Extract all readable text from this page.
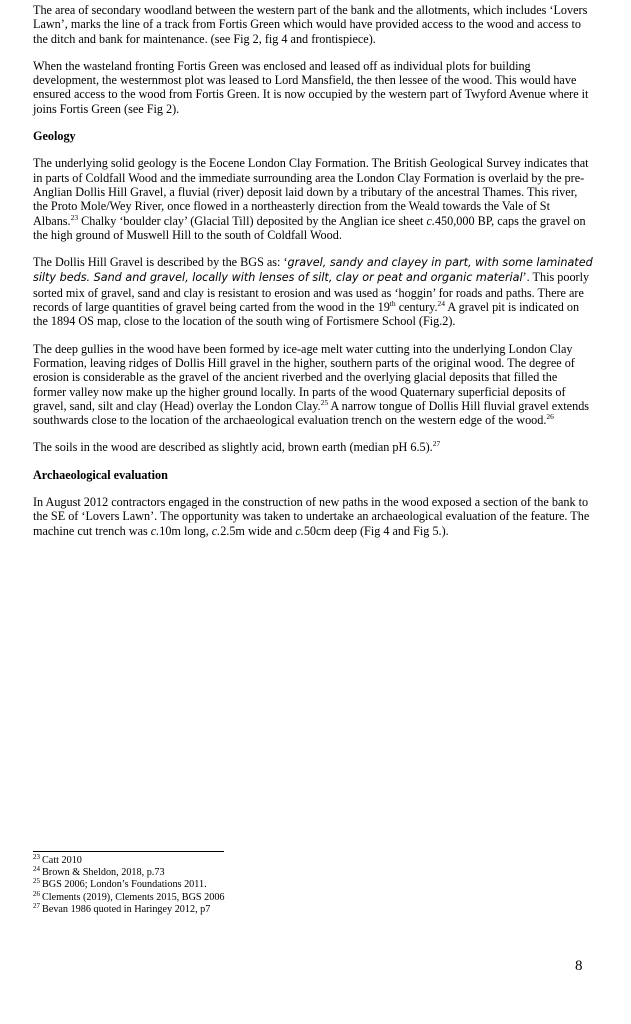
The area of secondary woodland between the western part of the bank and the allotments, which includes ‘Lovers Lawn’, marks the line of a track from Fortis Green which would have provided access to the wood and access to the ditch and bank for maintenance. (see Fig 2, fig 4 and frontispiece).

When the wasteland fronting Fortis Green was enclosed and leased off as individual plots for building development, the westernmost plot was leased to Lord Mansfield, the then lessee of the wood. This would have ensured access to the wood from Fortis Green. It is now occupied by the western part of Twyford Avenue where it joins Fortis Green (see Fig 2).

Geology

The underlying solid geology is the Eocene London Clay Formation. The British Geological Survey indicates that in parts of Coldfall Wood and the immediate surrounding area the London Clay Formation is overlaid by the pre-Anglian Dollis Hill Gravel, a fluvial (river) deposit laid down by a tributary of the ancestral Thames. This river, the Proto Mole/Wey River, once flowed in a northeasterly direction from the Weald towards the Vale of St Albans.$^{23}$ Chalky ‘boulder clay’ (Glacial Till) deposited by the Anglian ice sheet c.450,000 BP, caps the gravel on the high ground of Muswell Hill to the south of Coldfall Wood.

The Dollis Hill Gravel is described by the BGS as: ‘gravel, sandy and clayey in part, with some laminated silty beds. Sand and gravel, locally with lenses of silt, clay or peat and organic material’. This poorly sorted mix of gravel, sand and clay is resistant to erosion and was used as ‘hoggin’ for roads and paths. There are records of large quantities of gravel being carted from the wood in the 19th century.$^{24}$ A gravel pit is indicated on the 1894 OS map, close to the location of the south wing of Fortismere School (Fig.2).

The deep gullies in the wood have been formed by ice-age melt water cutting into the underlying London Clay Formation, leaving ridges of Dollis Hill gravel in the higher, southern parts of the original wood. The degree of erosion is considerable as the gravel of the ancient riverbed and the overlying glacial deposits that filled the former valley now make up the higher ground locally. In parts of the wood Quaternary superficial deposits of gravel, sand, silt and clay (Head) overlay the London Clay.$^{25}$ A narrow tongue of Dollis Hill fluvial gravel extends southwards close to the location of the archaeological evaluation trench on the western edge of the wood.$^{26}$

The soils in the wood are described as slightly acid, brown earth (median pH 6.5).$^{27}$

Archaeological evaluation

In August 2012 contractors engaged in the construction of new paths in the wood exposed a section of the bank to the SE of ‘Lovers Lawn’. The opportunity was taken to undertake an archaeological evaluation of the feature. The machine cut trench was c.10m long, c.2.5m wide and c.50cm deep (Fig 4 and Fig 5.).

$^{23}$ Catt 2010
$^{24}$ Brown & Sheldon, 2018, p.73
$^{25}$ BGS 2006; London’s Foundations 2011.
$^{26}$ Clements (2019), Clements 2015, BGS 2006
$^{27}$ Bevan 1986 quoted in Haringey 2012, p7
8
